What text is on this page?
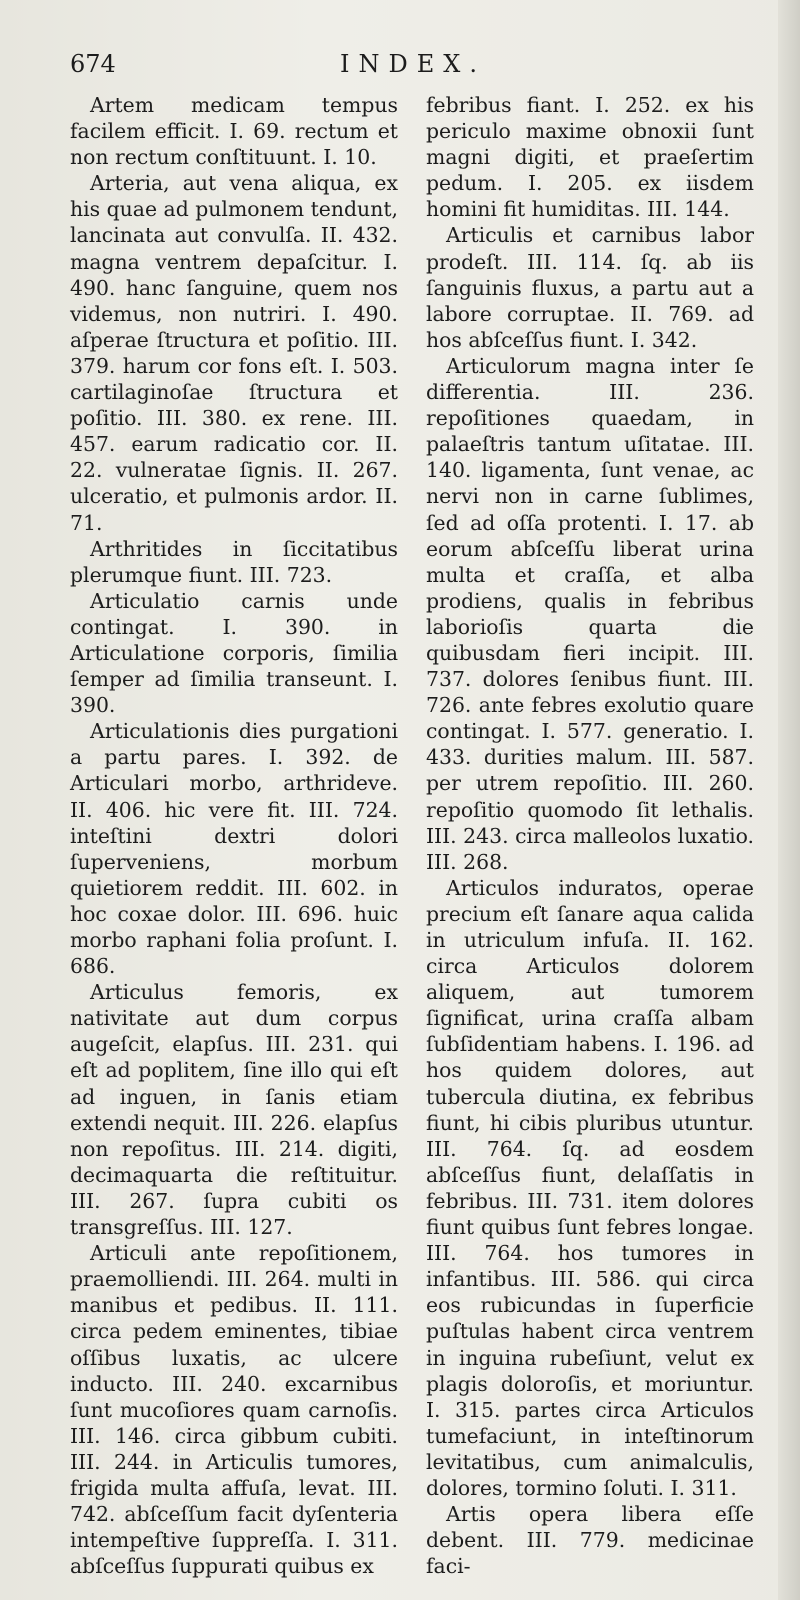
674	INDEX.

Artem medicam tempus facilem efficit. I. 69. rectum et non rectum conſtituunt. I. 10.

Arteria, aut vena aliqua, ex his quae ad pulmonem tendunt, lancinata aut convulſa. II. 432. magna ventrem depaſcitur. I. 490. hanc ſanguine, quem nos videmus, non nutriri. I. 490. aſperae ſtructura et poſitio. III. 379. harum cor fons eſt. I. 503. cartilaginoſae ſtructura et poſitio. III. 380. ex rene. III. 457. earum radicatio cor. II. 22. vulneratae ſignis. II. 267. ulceratio, et pulmonis ardor. II. 71.

Arthritides in ſiccitatibus plerumque fiunt. III. 723.

Articulatio carnis unde contingat. I. 390. in Articulatione corporis, ſimilia ſemper ad ſimilia transeunt. I. 390.

Articulationis dies purgationi a partu pares. I. 392. de Articulari morbo, arthrideve. II. 406. hic vere fit. III. 724. inteſtini dextri dolori ſuperveniens, morbum quietiorem reddit. III. 602. in hoc coxae dolor. III. 696. huic morbo raphani folia proſunt. I. 686.

Articulus femoris, ex nativitate aut dum corpus augeſcit, elapſus. III. 231. qui eſt ad poplitem, ſine illo qui eſt ad inguen, in ſanis etiam extendi nequit. III. 226. elapſus non repoſitus. III. 214. digiti, decimaquarta die reſtituitur. III. 267. ſupra cubiti os transgreſſus. III. 127.

Articuli ante repoſitionem, praemolliendi. III. 264. multi in manibus et pedibus. II. 111. circa pedem eminentes, tibiae oſſibus luxatis, ac ulcere inducto. III. 240. excarnibus ſunt mucoſiores quam carnoſis. III. 146. circa gibbum cubiti. III. 244. in Articulis tumores, frigida multa affuſa, levat. III. 742. abſceſſum facit dyſenteria intempeſtive ſuppreſſa. I. 311. abſceſſus ſuppurati quibus ex

febribus fiant. I. 252. ex his periculo maxime obnoxii ſunt magni digiti, et praeſertim pedum. I. 205. ex iisdem homini fit humiditas. III. 144.

Articulis et carnibus labor prodeſt. III. 114. ſq. ab iis ſanguinis fluxus, a partu aut a labore corruptae. II. 769. ad hos abſceſſus fiunt. I. 342.

Articulorum magna inter ſe differentia. III. 236. repoſitiones quaedam, in palaeſtris tantum uſitatae. III. 140. ligamenta, ſunt venae, ac nervi non in carne ſublimes, ſed ad oſſa protenti. I. 17. ab eorum abſceſſu liberat urina multa et craſſa, et alba prodiens, qualis in febribus laborioſis quarta die quibusdam fieri incipit. III. 737. dolores ſenibus fiunt. III. 726. ante febres exolutio quare contingat. I. 577. generatio. I. 433. durities malum. III. 587. per utrem repoſitio. III. 260. repoſitio quomodo ſit lethalis. III. 243. circa malleolos luxatio. III. 268.

Articulos induratos, operae precium eſt ſanare aqua calida in utriculum infuſa. II. 162. circa Articulos dolorem aliquem, aut tumorem ſignificat, urina craſſa albam ſubſidentiam habens. I. 196. ad hos quidem dolores, aut tubercula diutina, ex febribus fiunt, hi cibis pluribus utuntur. III. 764. ſq. ad eosdem abſceſſus fiunt, delaſſatis in febribus. III. 731. item dolores fiunt quibus ſunt febres longae. III. 764. hos tumores in infantibus. III. 586. qui circa eos rubicundas in ſuperficie puſtulas habent circa ventrem in inguina rubeſiunt, velut ex plagis doloroſis, et moriuntur. I. 315. partes circa Articulos tumefaciunt, in inteſtinorum levitatibus, cum animalculis, dolores, tormino ſoluti. I. 311.

Artis opera libera eſſe debent. III. 779. medicinae faci-
